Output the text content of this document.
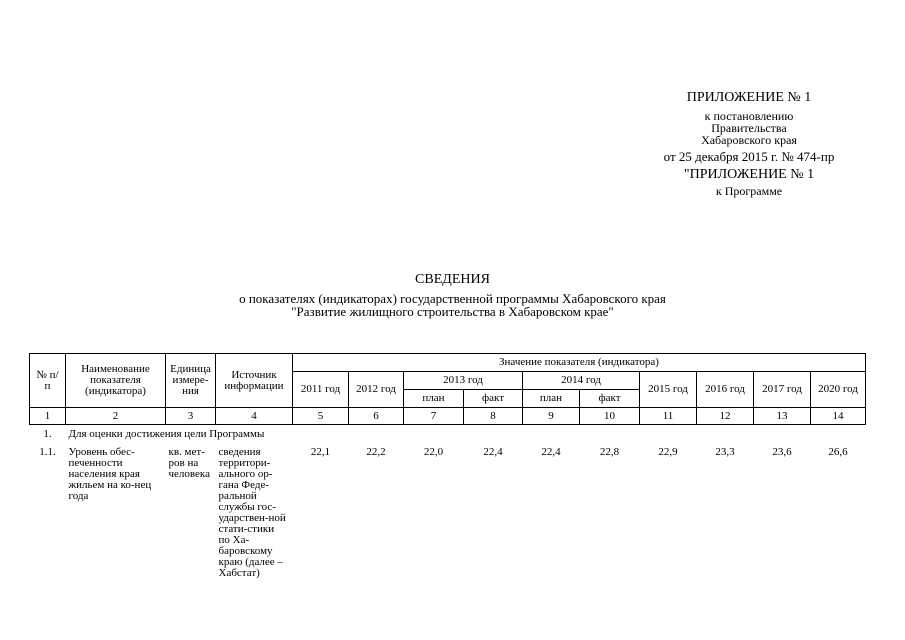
ПРИЛОЖЕНИЕ № 1
к постановлению
Правительства
Хабаровского края
от 25 декабря 2015 г. № 474-пр
"ПРИЛОЖЕНИЕ № 1
к Программе
СВЕДЕНИЯ
о показателях (индикаторах) государственной программы Хабаровского края
"Развитие жилищного строительства в Хабаровском крае"
№ п/п	Наименование показателя (индикатора)	Единица измере-ния	Источник информации	Значение показателя (индикатора)									
				2011 год	2012 год	2013 год		2014 год		2015 год	2016 год	2017 год	2020 год
						план	факт	план	факт				
1	2	3	4	5	6	7	8	9	10	11	12	13	14
1.	Для оценки достижения цели Программы												
1.1.	Уровень обес-печенности населения края жильем на ко-нец года	кв. мет-ров на человека	сведения территори-ального ор-гана Феде-ральной службы гос-ударствен-ной стати-стики по Ха-баровскому краю (далее – Хабстат)	22,1	22,2	22,0	22,4	22,4	22,8	22,9	23,3	23,6	26,6
